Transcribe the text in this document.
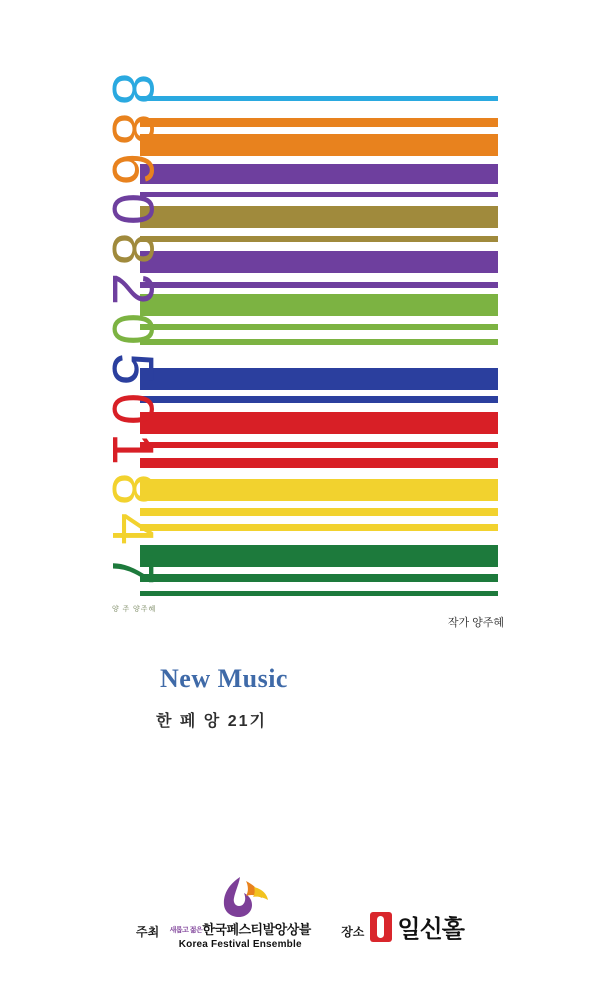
8
8
6
0
8
2
0
5
0
1
8
4
7
양 주 양주혜
작가 양주혜
New Music
한 페 앙 21기
주최	새롭고 젊은한국페스티발앙상블
Korea Festival Ensemble
장소 일신홀
